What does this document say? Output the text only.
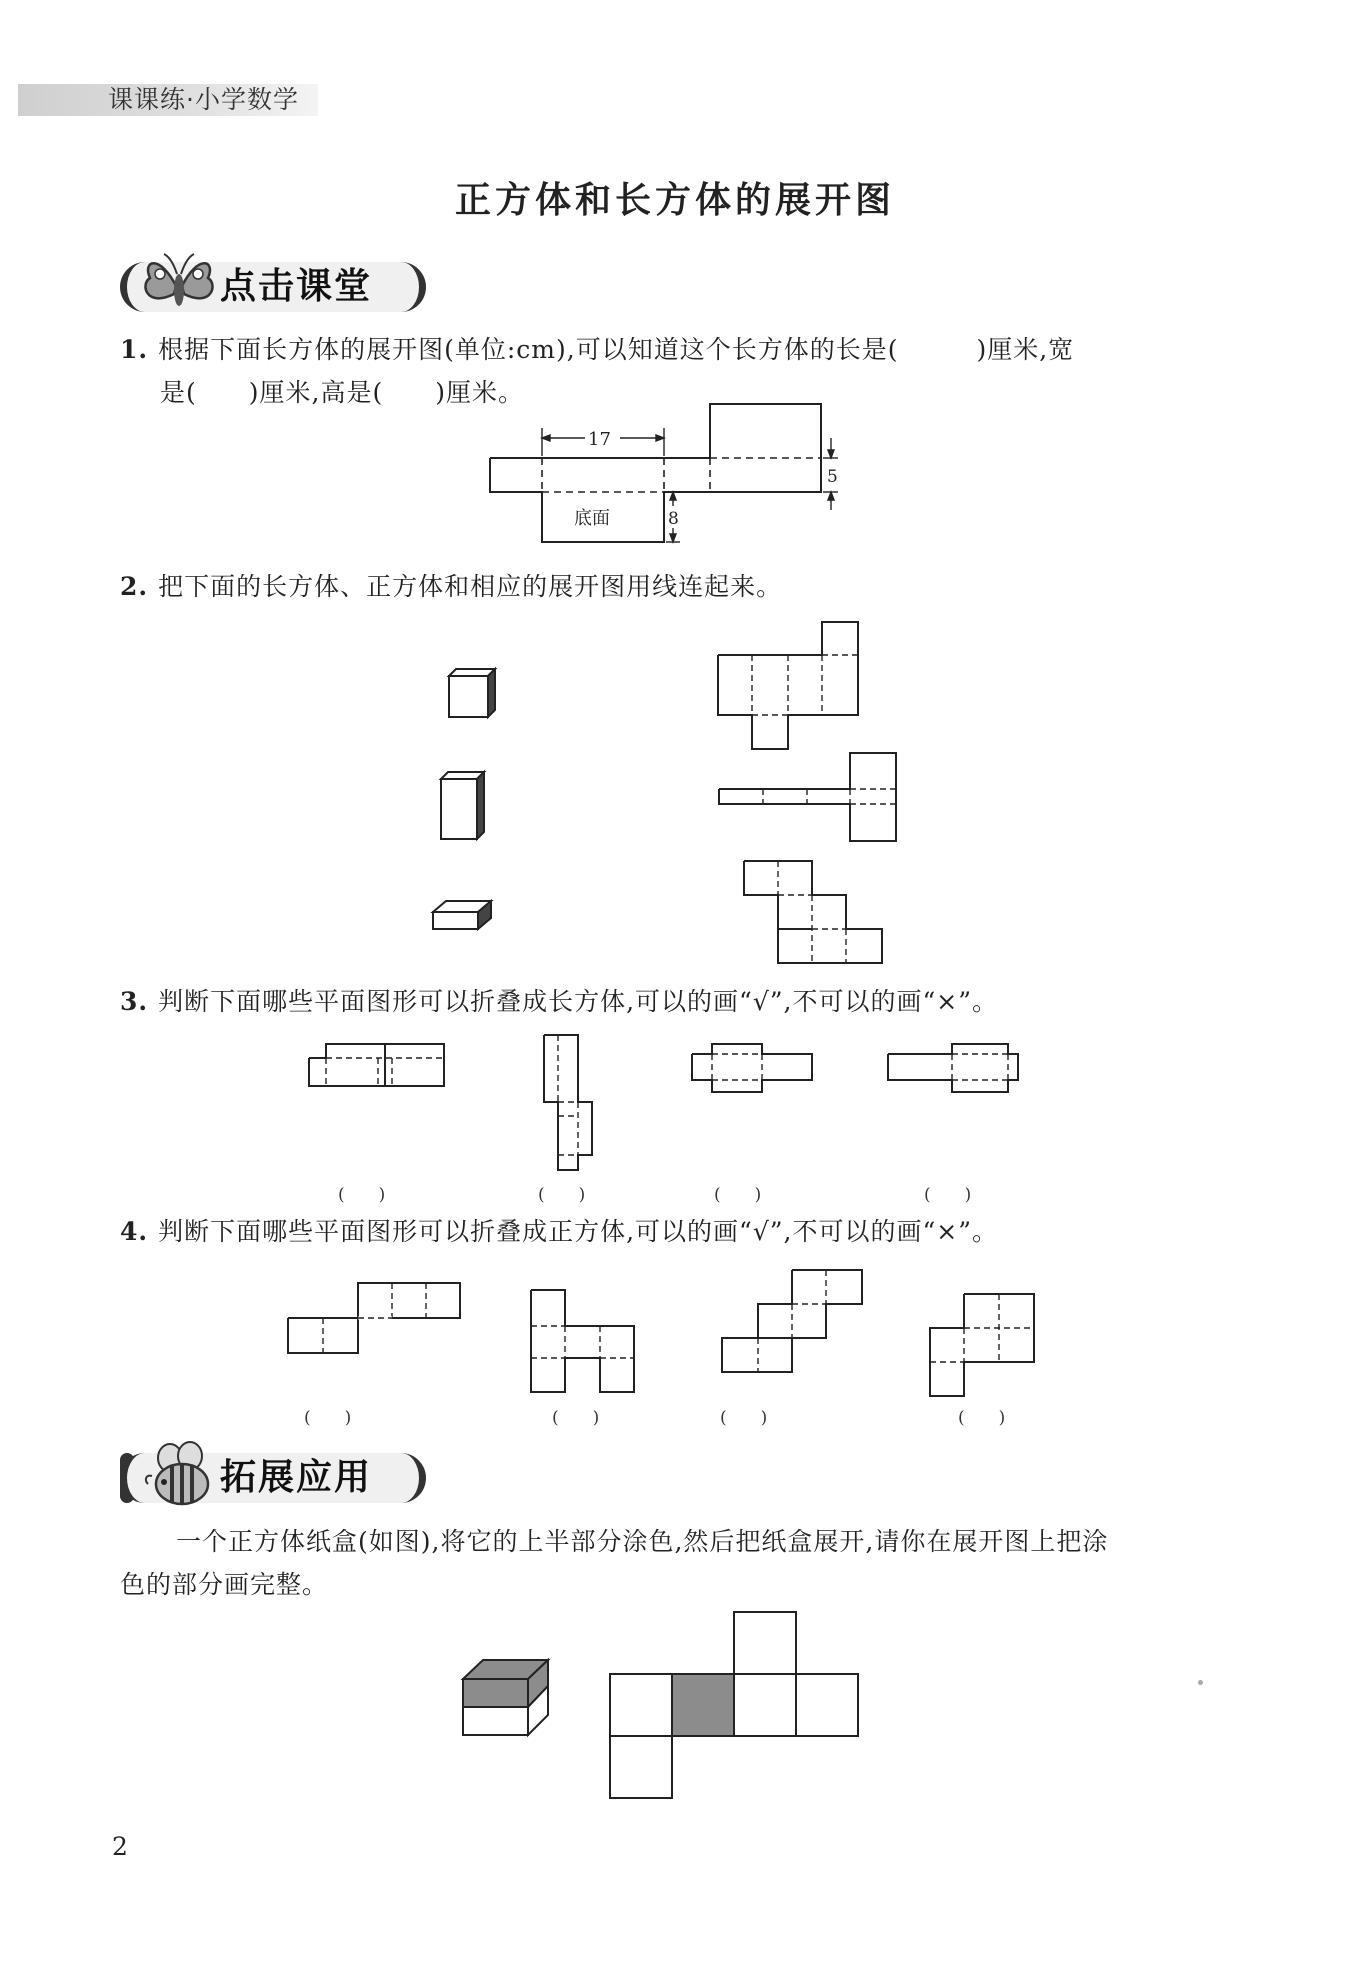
课课练·小学数学
正方体和长方体的展开图
点击课堂
1. 根据下面长方体的展开图(单位:cm),可以知道这个长方体的长是(　　　)厘米,宽
是(　　)厘米,高是(　　)厘米。
17
5
8
底面
2. 把下面的长方体、正方体和相应的展开图用线连起来。
3. 判断下面哪些平面图形可以折叠成长方体,可以的画“√”,不可以的画“×”。
(　　)	(　　)	(　　)	(　　)
4. 判断下面哪些平面图形可以折叠成正方体,可以的画“√”,不可以的画“×”。
(　　)	(　　)	(　　)	(　　)
拓展应用
一个正方体纸盒(如图),将它的上半部分涂色,然后把纸盒展开,请你在展开图上把涂
色的部分画完整。
2
